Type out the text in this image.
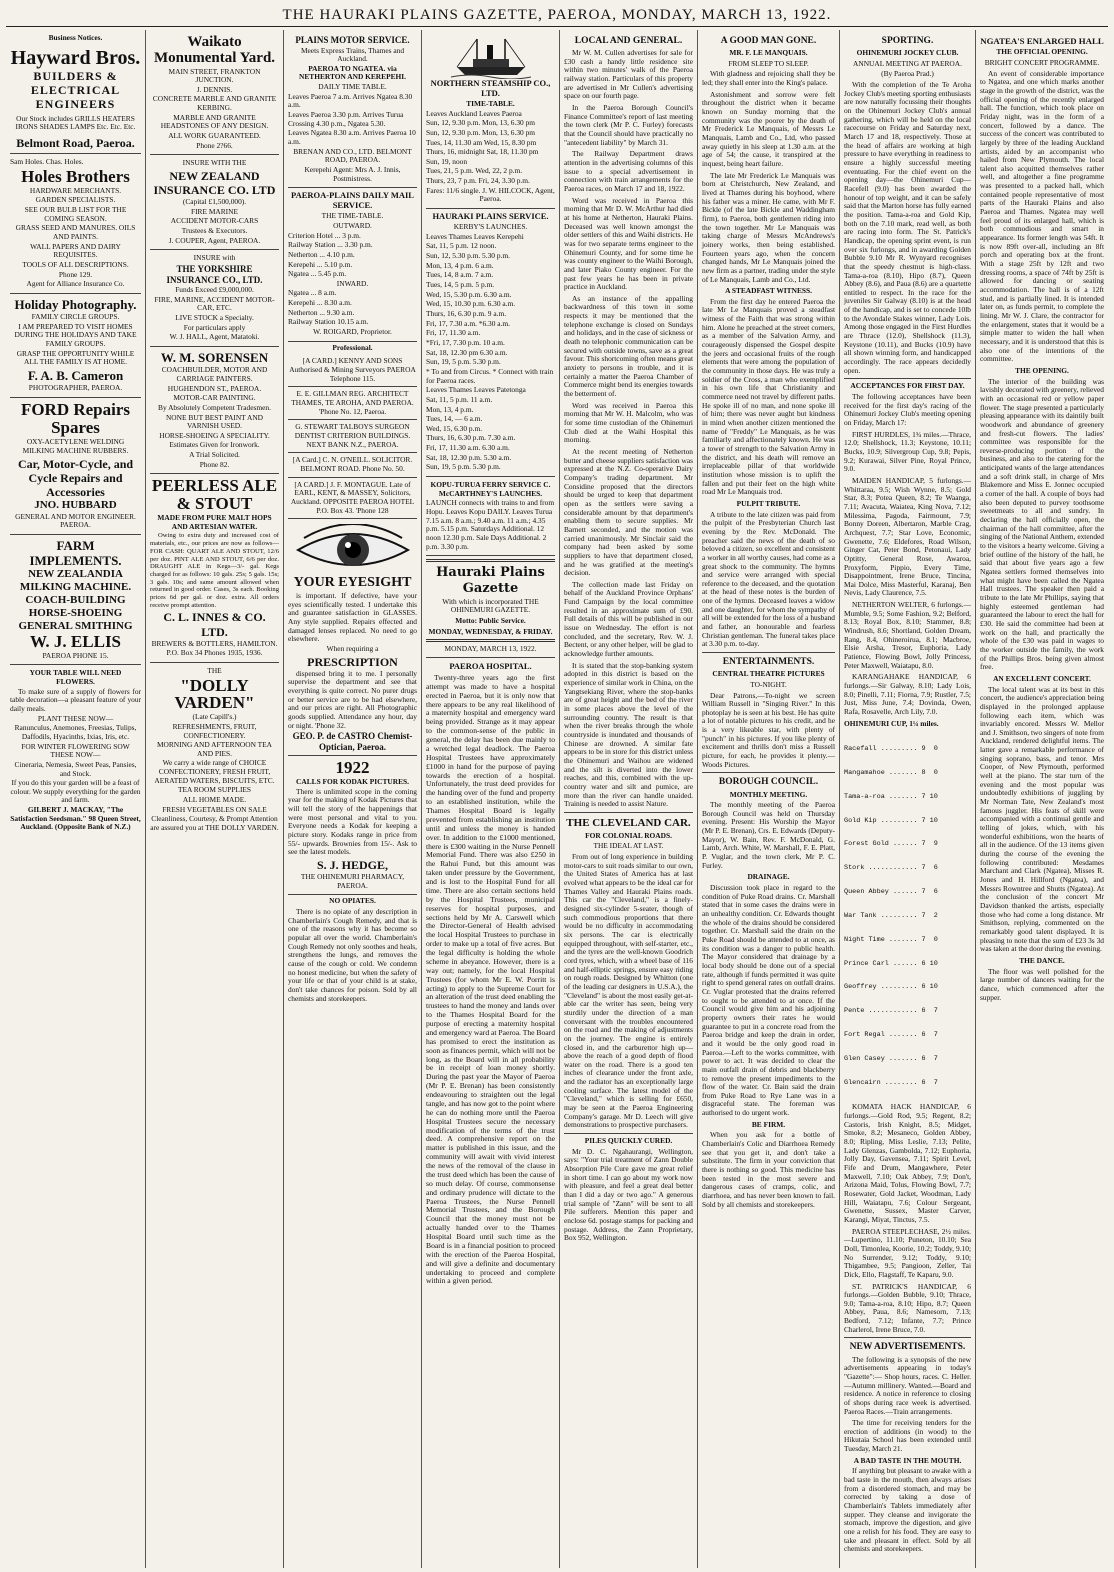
THE HAURAKI PLAINS GAZETTE, PAEROA, MONDAY, MARCH 13, 1922.
Business Notices.
Hayward Bros.
BUILDERS & ELECTRICAL ENGINEERS

Our Stock includes GRILLS HEATERS IRONS SHADES LAMPS Etc. Etc. Etc.

Belmont Road, Paeroa.

Sam Holes. Chas. Holes.

Holes Brothers

HARDWARE MERCHANTS.

GARDEN SPECIALISTS.

SEE OUR BULB LIST FOR THE COMING SEASON.

GRASS SEED AND MANURES. OILS AND PAINTS.

WALL PAPERS AND DAIRY REQUISITES.

TOOLS OF ALL DESCRIPTIONS.

Phone 129.

Agent for Alliance Insurance Co.

Holiday Photography.

FAMILY CIRCLE GROUPS.

I AM PREPARED TO VISIT HOMES DURING THE HOLIDAYS AND TAKE FAMILY GROUPS.

GRASP THE OPPORTUNITY WHILE ALL THE FAMILY IS AT HOME.

F. A. B. Cameron

PHOTOGRAPHER, PAEROA.

FORD Repairs Spares

OXY-ACETYLENE WELDING

MILKING MACHINE RUBBERS.

Car, Motor-Cycle, and Cycle Repairs and Accessories
JNO. HUBBARD

GENERAL AND MOTOR ENGINEER. PAEROA.

FARM IMPLEMENTS.
NEW ZEALANDIA MILKING MACHINE.
COACH-BUILDING HORSE-SHOEING GENERAL SMITHING
W. J. ELLIS

PAEROA PHONE 15.

YOUR TABLE WILL NEED FLOWERS.

To make sure of a supply of flowers for table decoration—a pleasant feature of your daily meals.

PLANT THESE NOW—

Ranunculus, Anemones, Freesias, Tulips, Daffodils, Hyacinths, Ixias, Iris, etc.

FOR WINTER FLOWERING SOW THESE NOW—

Cineraria, Nemesia, Sweet Peas, Pansies, and Stock.

If you do this your garden will be a feast of colour. We supply everything for the garden and farm.

GILBERT J. MACKAY, "The Satisfaction Seedsman." 98 Queen Street, Auckland. (Opposite Bank of N.Z.)

Waikato Monumental Yard.

MAIN STREET, FRANKTON JUNCTION.

J. DENNIS.

CONCRETE MARBLE AND GRANITE KERBING.

MARBLE AND GRANITE HEADSTONES OF ANY DESIGN.

ALL WORK GUARANTEED.

Phone 2?66.

INSURE WITH THE

NEW ZEALAND INSURANCE CO. LTD

(Capital £1,500,000).

FIRE MARINE

ACCIDENT MOTOR-CARS

Trustees & Executors.

J. COUPER, Agent, PAEROA.

INSURE with

THE YORKSHIRE INSURANCE CO., LTD.

Funds Exceed £9,000,000.

FIRE, MARINE, ACCIDENT MOTOR-CAR, ETC.

LIVE STOCK a Specialty.

For particulars apply

W. J. HALL, Agent, Matatoki.

W. M. SORENSEN

COACHBUILDER, MOTOR AND CARRIAGE PAINTERS.

HUGHENDON ST., PAEROA.

MOTOR-CAR PAINTING.

By Absolutely Competent Tradesmen.

NONE BUT BEST PAINT AND VARNISH USED.

HORSE-SHOEING A SPECIALITY.

Estimates Given for Ironwork.

A Trial Solicited.

Phone 82.

PEERLESS ALE & STOUT

MADE FROM PURE MALT HOPS AND ARTESIAN WATER.

Owing to extra duty and increased cost of materials, etc., our prices are now as follows—FOR CASH: QUART ALE AND STOUT, 12/6 per doz. PINT ALE AND STOUT, 6/6 per doz. DRAUGHT ALE in Kegs—3/- gal. Kegs charged for as follows: 10 gals. 25s; 5 gals. 15s; 3 gals. 10s; and same amount allowed when returned in good order. Cases, 3s each. Booking prices 6d per gal. or doz. extra. All orders receive prompt attention.

C. L. INNES & CO. LTD.

BREWERS & BOTTLERS, HAMILTON.

P.O. Box 34 Phones 1935, 1936.

THE

"DOLLY VARDEN"

(Late Capill's.)

REFRESHMENTS, FRUIT, CONFECTIONERY.

MORNING AND AFTERNOON TEA AND PIES.

We carry a wide range of CHOICE CONFECTIONERY, FRESH FRUIT, AERATED WATERS, BISCUITS, ETC.

TEA ROOM SUPPLIES

ALL HOME MADE.

FRESH VEGETABLES ON SALE

Cleanliness, Courtesy, & Prompt Attention are assured you at THE DOLLY VARDEN.

PLAINS MOTOR SERVICE.

Meets Express Trains, Thames and Auckland.

PAEROA TO NGATEA. via NETHERTON AND KEREPEHI.

DAILY TIME TABLE.

Leaves Paeroa 7 a.m. Arrives Ngatea 8.30 a.m.

Leaves Paeroa 3.30 p.m. Arrives Turua Crossing 4.30 p.m., Ngatea 5.30.

Leaves Ngatea 8.30 a.m. Arrives Paeroa 10 a.m.

BRENAN AND CO., LTD. BELMONT ROAD, PAEROA.

Kerepehi Agent: Mrs A. J. Innis, Postmistress.

PAEROA-PLAINS DAILY MAIL SERVICE.

THE TIME-TABLE.

OUTWARD.

Criterion Hotel ... 3 p.m.

Railway Station ... 3.30 p.m.

Netherton ... 4.10 p.m.

Kerepehi ... 5.10 p.m.

Ngatea ... 5.45 p.m.

INWARD.

Ngatea ... 8 a.m.

Kerepehi ... 8.30 a.m.

Netherton ... 9.30 a.m.

Railway Station 10.15 a.m.

W. ROIGARD, Proprietor.

Professional.
[A CARD.] KENNY AND SONS Authorised & Mining Surveyors PAEROA Telephone 115.
E. E. GILLMAN REG. ARCHITECT THAMES, TE AROHA, AND PAEROA. 'Phone No. 12, Paeroa.
G. STEWART TALBOYS SURGEON DENTIST CRITERION BUILDINGS. NEXT BANK N.Z., PAEROA.
[A Card.] C. N. O'NEILL. SOLICITOR. BELMONT ROAD. Phone No. 50.
[A CARD.] J. F. MONTAGUE. Late of EARL, KENT, & MASSEY, Solicitors, Auckland. OPPOSITE PAEROA HOTEL P.O. Box 43. 'Phone 128
YOUR EYESIGHT

is important. If defective, have your eyes scientifically tested. I undertake this and guarantee satisfaction in GLASSES. Any style supplied. Repairs effected and damaged lenses replaced. No need to go elsewhere.

When requiring a

PRESCRIPTION

dispensed bring it to me. I personally supervise the department and see that everything is quite correct. No purer drugs or better service are to be had elsewhere, and our prices are right. All Photographic goods supplied. Attendance any hour, day or night. 'Phone 32.

GEO. P. de CASTRO Chemist-Optician, Paeroa.
1922

CALLS FOR KODAK PICTURES.

There is unlimited scope in the coming year for the making of Kodak Pictures that will tell the story of the happenings that were most personal and vital to you. Everyone needs a Kodak for keeping a picture story. Kodaks range in price from 55/- upwards. Brownies from 15/-. Ask to see the latest models.

S. J. HEDGE,

THE OHINEMURI PHARMACY, PAEROA.

NO OPIATES.

There is no opiate of any description in Chamberlain's Cough Remedy, and that is one of the reasons why it has become so popular all over the world. Chamberlain's Cough Remedy not only soothes and heals, strengthens the lungs, and removes the cause of the cough or cold. We condemn no honest medicine, but when the safety of your life or that of your child is at stake, don't take chances for poison. Sold by all chemists and storekeepers.

NORTHERN STEAMSHIP CO., LTD.

TIME-TABLE.

Leaves Auckland Leaves Paeroa

Sun, 12, 9.30 p.m. Mon, 13, 6.30 pm

Sun, 12, 9.30 p.m. Mon, 13, 6.30 pm

Tues, 14, 11.30 am Wed, 15, 8.30 pm

Thurs, 16, midnight Sat, 18, 11.30 pm

Sun, 19, noon

Tues, 21, 5 p.m. Wed, 22, 2 p.m.

Thurs, 23, 7 p.m. Fri, 24, 3.30 p.m.

Fares: 11/6 single. J. W. HILCOCK, Agent, Paeroa.

HAURAKI PLAINS SERVICE.

KERBY'S LAUNCHES.

Leaves Thames Leaves Kerepehi

Sat, 11, 5 p.m. 12 noon.

Sun, 12, 5.30 p.m. 5.30 p.m.

Mon, 13, 4 p.m. 6 a.m.

Tues, 14, 8 a.m. 7 a.m.

Tues, 14, 5 p.m. 5 p.m.

Wed, 15, 5.30 p.m. 6.30 a.m.

Wed, 15, 10.30 p.m. 6.30 a.m.

Thurs, 16, 6.30 p.m. 9 a.m.

Fri, 17, 7.30 a.m. *6.30 a.m.

Fri, 17, 11.30 a.m.

*Fri, 17, 7.30 p.m. 10 a.m.

Sat, 18, 12.30 pm 6.30 a.m.

Sun, 19, 5 p.m. 5.30 p.m.

* To and from Circus. * Connect with train for Paeroa races.

Leaves Thames Leaves Patetonga

Sat, 11, 5 p.m. 11 a.m.

Mon, 13, 4 p.m.

Tues, 14, — 6 a.m.

Wed, 15, 6.30 p.m.

Thurs, 16, 6.30 p.m. 7.30 a.m.

Fri, 17, 11.30 a.m. 6.30 a.m.

Sat, 18, 12.30 p.m. 5.30 a.m.

Sun, 19, 5 p.m. 5.30 p.m.

KOPU-TURUA FERRY SERVICE C. McCARTHNEY'S LAUNCHES.

LAUNCH connects with trains to and from Hopu. Leaves Kopu DAILY. Leaves Turua 7.15 a.m. 8 a.m.; 9.40 a.m. 11 a.m.; 4.35 p.m. 5.15 p.m. Saturdays Additional. 12 noon 12.30 p.m. Sale Days Additional. 2 p.m. 3.30 p.m.

Hauraki Plains Gazette
With which is incorporated THE OHINEMURI GAZETTE.
Motto: Public Service.
MONDAY, WEDNESDAY, & FRIDAY.
MONDAY, MARCH 13, 1922.
PAEROA HOSPITAL.

Twenty-three years ago the first attempt was made to have a hospital erected in Paeroa, but it is only now that there appears to be any real likelihood of a maternity hospital and emergency ward being provided. Strange as it may appear to the common-sense of the public in general, the delay has been due mainly to a wretched legal deadlock. The Paeroa Hospital Trustees have approximately £1000 in hand for the purpose of paying towards the erection of a hospital. Unfortunately, the trust deed provides for the handing over of the fund and property to an established institution, while the Thames Hospital Board is legally prevented from establishing an institution until and unless the money is handed over. In addition to the £1000 mentioned, there is £300 waiting in the Nurse Pennell Memorial Fund. There was also £250 in the Rahui Fund, but this amount was taken under pressure by the Government, and is lost to the Hospital Fund for all time. There are also certain sections held by the Hospital Trustees, municipal reserves for hospital purposes, and sections held by Mr A. Carswell which the Director-General of Health advised the local Hospital Trustees to purchase in order to make up a total of five acres. But the legal difficulty is holding the whole scheme in abeyance. However, there is a way out; namely, for the local Hospital Trustees (for whom Mr E. W. Porritt is acting) to apply to the Supreme Court for an alteration of the trust deed enabling the trustees to hand the money and lands over to the Thames Hospital Board for the purpose of erecting a maternity hospital and emergency ward at Paeroa. The Board has promised to erect the institution as soon as finances permit, which will not be long, as the Board will in all probability be in receipt of loan money shortly. During the past year the Mayor of Paeroa (Mr P. E. Brenan) has been consistently endeavouring to straighten out the legal tangle, and has now got to the point where he can do nothing more until the Paeroa Hospital Trustees secure the necessary modification of the terms of the trust deed. A comprehensive report on the matter is published in this issue, and the community will await with vivid interest the news of the removal of the clause in the trust deed which has been the cause of so much delay. Of course, commonsense and ordinary prudence will dictate to the Paeroa Trustees, the Nurse Pennell Memorial Trustees, and the Borough Council that the money must not be actually handed over to the Thames Hospital Board until such time as the Board is in a financial position to proceed with the erection of the Paeroa Hospital, and will give a definite and documentary undertaking to proceed and complete within a given period.

LOCAL AND GENERAL.

Mr W. M. Cullen advertises for sale for £30 cash a handy little residence site within two minutes' walk of the Paeroa railway station. Particulars of this property are advertised in Mr Cullen's advertising space on our fourth page.

In the Paeroa Borough Council's Finance Committee's report of last meeting the town clerk (Mr P. C. Furley) forecasts that the Council should have practically no "antecedent liability" by March 31.

The Railway Department draws attention in the advertising columns of this issue to a special advertisement in connection with train arrangements for the Paeroa races, on March 17 and 18, 1922.

Word was received in Paeroa this morning that Mr D. W. McArthur had died at his home at Netherton, Hauraki Plains. Deceased was well known amongst the older settlers of this and Waihi districts. He was for two separate terms engineer to the Ohinemuri County, and for some time he was county engineer to the Waihi Borough, and later Piako County engineer. For the past few years he has been in private practice in Auckland.

As an instance of the appalling backwardness of this town in some respects it may be mentioned that the telephone exchange is closed on Sundays and holidays, and in the case of sickness or death no telephonic communication can be secured with outside towns, save as a great favour. This shortcoming often means great anxiety to persons in trouble, and it is certainly a matter the Paeroa Chamber of Commerce might bend its energies towards the betterment of.

Word was received in Paeroa this morning that Mr W. H. Malcolm, who was for some time custodian of the Ohinemuri Club died at the Waihi Hospital this morning.

At the recent meeting of Netherton butter and cheese suppliers satisfaction was expressed at the N.Z. Co-operative Dairy Company's trading department. Mr Considine proposed that the directors should be urged to keep that department open as the settlers were saving a considerable amount by that department's enabling them to secure supplies. Mr Barnett seconded, and the motion was carried unanimously. Mr Sinclair said the company had been asked by some suppliers to have that department closed, and he was gratified at the meeting's decision.

The collection made last Friday on behalf of the Auckland Province Orphans' Fund Campaign by the local committee resulted in an approximate sum of £90. Full details of this will be published in our issue on Wednesday. The effort is not concluded, and the secretary, Rev. W. J. Bectent, or any other helper, will be glad to acknowledge further amounts.

It is stated that the stop-banking system adopted in this district is based on the experience of similar work in China, on the Yangtsekiang River, where the stop-banks are of great height and the bed of the river in some places above the level of the surrounding country. The result is that when the river breaks through the whole countryside is inundated and thousands of Chinese are drowned. A similar fate appears to be in store for this district unless the Ohinemuri and Waihou are widened and the silt is diverted into the lower reaches, and this, combined with the up-country water and silt and pumice, are more than the river can handle unaided. Training is needed to assist Nature.

THE CLEVELAND CAR.
FOR COLONIAL ROADS.
THE IDEAL AT LAST.

From out of long experience in building motor-cars to suit roads similar to our own, the United States of America has at last evolved what appears to be the ideal car for Thames Valley and Hauraki Plains roads. This car the "Cleveland," is a finely-designed six-cylinder 5-seater, though of such commodious proportions that there would be no difficulty in accommodating six persons. The car is electrically equipped throughout, with self-starter, etc., and the tyres are the well-known Goodrich cord tyres, which, with a wheel base of 116 and half-elliptic springs, ensure easy riding on rough roads. Designed by Whitton (one of the leading car designers in U.S.A.), the "Cleveland" is about the most easily get-at-able car the writer has seen, being very sturdily under the direction of a man conversant with the troubles encountered on the road and the making of adjustments on the journey. The engine is entirely closed in, and the carburettor high up—above the reach of a good depth of flood water on the road. There is a good ten inches of clearance under the front axle, and the radiator has an exceptionally large cooling surface. The latest model of the "Cleveland," which is selling for £650, may be seen at the Paeroa Engineering Company's garage. Mr D. Leech will give demonstrations to prospective purchasers.

PILES QUICKLY CURED.

Mr D. C. Ngahaurangi, Wellington, says: "Your trial treatment of Zann Double Absorption Pile Cure gave me great relief in short time. I can go about my work now with pleasure, and feel a great deal better than I did a day or two ago." A generous trial sample of "Zann" will be sent to all Pile sufferers. Mention this paper and enclose 6d. postage stamps for packing and postage. Address, the Zann Proprietary, Box 952, Wellington.

A GOOD MAN GONE.
MR. F. LE MANQUAIS.
FROM SLEEP TO SLEEP.

With gladness and rejoicing shall they be led; they shall enter into the King's palace.

Astonishment and sorrow were felt throughout the district when it became known on Sunday morning that the community was the poorer by the death of Mr Frederick Le Manquais, of Messrs Le Manquais, Lamb and Co., Ltd, who passed away quietly in his sleep at 1.30 a.m. at the age of 54; the cause, it transpired at the inquest, being heart failure.

The late Mr Frederick Le Manquais was born at Christchurch, New Zealand, and lived at Thames during his boyhood, where his father was a miner. He came, with Mr F. Bickle (of the late Bickle and Waddingham firm), to Paeroa, both gentlemen riding into the town together. Mr Le Manquais was taking charge of Messrs McAndrews's joinery works, then being established. Fourteen years ago, when the concern changed hands, Mr Le Manquais joined the new firm as a partner, trading under the style of Le Manquais, Lamb and Co., Ltd.

A STEADFAST WITNESS.

From the first day he entered Paeroa the late Mr Le Manquais proved a steadfast witness of the Faith that was strong within him. Alone he preached at the street corners, as a member of the Salvation Army, and courageously dispensed the Gospel despite the jeers and occasional fruits of the rough elements that were among the population of the community in those days. He was truly a soldier of the Cross, a man who exemplified in his own life that Christianity and commerce need not travel by different paths. He spoke ill of no man, and none spoke ill of him; there was never aught but kindness in mind when another citizen mentioned the name of "Freddy" Le Manquais, as he was familiarly and affectionately known. He was a tower of strength to the Salvation Army in the district, and his death will remove an irreplaceable pillar of that worldwide institution whose mission is to uplift the fallen and put their feet on the high white road Mr Le Manquais trod.

PULPIT TRIBUTE.

A tribute to the late citizen was paid from the pulpit of the Presbyterian Church last evening by the Rev. McDonald. The preacher said the news of the death of so beloved a citizen, so excellent and consistent a worker in all worthy causes, had come as a great shock to the community. The hymns and service were arranged with special reference to the deceased, and the quotation at the head of these notes is the burden of one of the hymns. Deceased leaves a widow and one daughter, for whom the sympathy of all will be extended for the loss of a husband and father, an honourable and fearless Christian gentleman. The funeral takes place at 3.30 p.m. to-day.

ENTERTAINMENTS.
CENTRAL THEATRE PICTURES
TO-NIGHT.

Dear Patrons,—To-night we screen William Russell in "Singing River." In this photoplay he is seen at his best. He has quite a lot of notable pictures to his credit, and he is a very likeable star, with plenty of "punch" in his pictures. If you like plenty of excitement and thrills don't miss a Russell picture, for each, he provides it plenty.—Woods Pictures.

BOROUGH COUNCIL.
MONTHLY MEETING.

The monthly meeting of the Paeroa Borough Council was held on Thursday evening. Present: His Worship the Mayor (Mr P. E. Brenan), Crs. E. Edwards (Deputy-Mayor), W. Bain, Rev. F. McDonald, G. Lamb, Arch. White, W. Marshall, F. E. Platt, P. Vuglar, and the town clerk, Mr P. C. Furley.

DRAINAGE.

Discussion took place in regard to the condition of Puke Road drains. Cr. Marshall stated that in some cases the drains were in an unhealthy condition. Cr. Edwards thought the whole of the drains should be considered together. Cr. Marshall said the drain on the Puke Road should be attended to at once, as its condition was a danger to public health. The Mayor considered that drainage by a local body should be done out of a special rate, although if funds permitted it was quite right to spend general rates on outfall drains. Cr. Vuglar protested that the drains referred to ought to be attended to at once. If the Council would give him and his adjoining property owners their rates he would guarantee to put in a concrete road from the Paeroa bridge and keep the drain in order, and it would be the only good road in Paeroa.—Left to the works committee, with power to act. It was decided to clear the main outfall drain of debris and blackberry to remove the present impediments to the flow of the water. Cr. Bain said the drain from Puke Road to Rye Lane was in a disgraceful state. The foreman was authorised to do urgent work.

BE FIRM.

When you ask for a bottle of Chamberlain's Colic and Diarrhoea Remedy see that you get it, and don't take a substitute. The firm in your conviction that there is nothing so good. This medicine has been tested in the most severe and dangerous cases of cramps, colic, and diarrhoea, and has never been known to fail. Sold by all chemists and storekeepers.

SPORTING.
OHINEMURI JOCKEY CLUB.
ANNUAL MEETING AT PAEROA.
(By Paeroa Prad.)

With the completion of the Te Aroha Jockey Club's meeting sporting enthusiasts are now naturally focussing their thoughts on the Ohinemuri Jockey Club's annual gathering, which will be held on the local racecourse on Friday and Saturday next, March 17 and 18, respectively. Those at the head of affairs are working at high pressure to have everything in readiness to ensure a highly successful meeting eventuating. For the chief event on the opening day—the Ohinemuri Cup—Racefell (9.0) has been awarded the honour of top weight, and it can be safely said that the Marton horse has fully earned the position. Tama-a-roa and Gold Kip, both on the 7.10 mark, read well, as both are racing into form. The St. Patrick's Handicap, the opening sprint event, is run over six furlongs, and in awarding Golden Bubble 9.10 Mr R. Wynyard recognises that the speedy chestnut is high-class. Tama-a-roa (8.10), Hipo (8.7), Queen Abbey (8.6), and Paua (8.6) are a quartette entitled to respect. In the race for the juveniles Sir Galway (8.10) is at the head of the handicap, and is set to concede 10lb to the Avondale Stakes winner, Lady Lois. Among those engaged in the First Hurdles are Thrace (12.0), Shellshock (11.3), Keystone (10.11), and Bucks (10.9) have all shown winning form, and handicapped accordingly. The race appears decidedly open.

ACCEPTANCES FOR FIRST DAY.

The following acceptances have been received for the first day's racing of the Ohinemuri Jockey Club's meeting opening on Friday, March 17:

FIRST HURDLES, 1¾ miles.—Thrace, 12.0; Shellshock, 11.3; Keystone, 10.11; Bucks, 10.9; Silvergroup Cup, 9.8; Pepis, 9.2; Kurawai, Silver Pine, Royal Prince, 9.0.

MAIDEN HANDICAP, 5 furlongs.—Whittaraa, 9.5; Wish Wynne, 8.5; Gold Star, 8.3; Potea Queen, 8.2; Te Waanga, 7.11; Avacuta, Waiatea, King Nova, 7.12; Milessima, Pagoda, Fairmount, 7.9; Bonny Doreen, Albertaron, Marble Crag, Archquest, 7.7; Star Love, Economic, Gwenette, 7.6; Eldefores, Road Wilson, Ginger Cat, Peter Bond, Petonaui, Lady Optitty, General Rose, Awaroa, Proxyform, Pippio, Every Time, Disappointment, Irene Bruce, Tincina, Mai Dolce, Miss Masterful, Karanaj, Ben Nevis, Lady Claurence, 7.5.

NETHERTON WELTER, 6 furlongs.—Mumble, 9.5; Some Fashion, 9.2; Belford, 8.13; Royal Box, 8.10; Stammer, 8.8; Windrush, 8.6; Shortland, Golden Dream, Rang, 8.4, Ohineroirua, 8.1; Macbroe, Elsie Arsha, Tresor, Euphoria, Lady Patience, Flowing Bowl, Jolly Princess, Peter Maxwell, Waiatapu, 8.0.

KARANGAHAKE HANDICAP, 6 furlongs.—Sir Galway, 8.10; Lady Lois, 8.0; Pinelli, 7.11; Fiorna, 7.9; Rustler, 7.5; Just, Miss June, 7.4; Dovinda, Owen, Rafa, Rosavelle, Arch Lily, 7.0.

OHINEMURI CUP, 1¼ miles.

Racefall ......... 9  0

Mangamahoe ....... 8  0

Tama-a-roa ....... 7 10

Gold Kip ......... 7 10

Forest Gold ...... 7  9

Stork ............ 7  6

Queen Abbey ...... 7  6

War Tank ......... 7  2

Night Time ....... 7  0

Prince Carl ...... 6 10

Geoffrey ......... 6 10

Pente ............ 6  7

Fort Regal ....... 6  7

Glen Casey ....... 6  7

Glencairn ........ 6  7

KOMATA HACK HANDICAP, 6 furlongs.—Gold Rod, 9.5; Regent, 8.2; Castoris, Irish Knight, 8.5; Midget, Smoke, 8.2; Mesaneco, Golden Abbey, 8.0; Ripling, Miss Leslie, 7.13; Pelite, Lady Glenzas, Gambolda, 7.12; Euphoria, Jolly Day, Gavensea, 7.11; Spirit Level, Fife and Drum, Mangawhere, Peter Maxwell, 7.10; Oak Abbey, 7.9; Don't, Arizona Maid, Tolus, Flowing Bowl, 7.7; Rosewater, Gold Jacket, Woodman, Lady Hill, Waiatapu, 7.6; Colour Sergeant, Gwenette, Sussex, Master Carver, Karangi, Miyat, Tinctus, 7.5.

PAEROA STEEPLECHASE, 2½ miles.—Lupertino, 11.10; Puneton, 10.10; Sea Doll, Timonlea, Koorie, 10.2; Toddy, 9.10; No Surrender, 9.12; Toddy, 9.10; Thigambee, 9.5; Pangioon, Zeller, Tai Dick, Ello, Flagstaff, Te Kaparu, 9.0.

ST. PATRICK'S HANDICAP, 6 furlongs.—Golden Bubble, 9.10; Thrace, 9.0; Tama-a-roa, 8.10; Hipo, 8.7; Queen Abbey, Paua, 8.6; Namesorn, 7.13; Bedford, 7.12; Infante, 7.7; Prince Charlerol, Irene Bruce, 7.0.

NEW ADVERTISEMENTS.

The following is a synopsis of the new advertisements appearing in today's "Gazette":— Shop hours, races. C. Heller.—Autumn millinery. Wanted.—Board and residence. A notice in reference to closing of shops during race week is advertised. Paeroa Races.—Train arrangements.

The time for receiving tenders for the erection of additions (in wood) to the Hikutaia School has been extended until Tuesday, March 21.

A BAD TASTE IN THE MOUTH.

If anything but pleasant to awake with a bad taste in the mouth, then always arises from a disordered stomach, and may be corrected by taking a dose of Chamberlain's Tablets immediately after supper. They cleanse and invigorate the stomach, improve the digestion, and give one a relish for his food. They are easy to take and pleasant in effect. Sold by all chemists and storekeepers.

NGATEA'S ENLARGED HALL
THE OFFICIAL OPENING.
BRIGHT CONCERT PROGRAMME.

An event of considerable importance to Ngatea, and one which marks another stage in the growth of the district, was the official opening of the recently enlarged hall. The function, which took place on Friday night, was in the form of a concert, followed by a dance. The success of the concert was contributed to largely by three of the leading Auckland artists, aided by an accompanist who hailed from New Plymouth. The local talent also acquitted themselves rather well, and altogether a fine programme was presented to a packed hall, which contained people representative of most parts of the Hauraki Plains and also Paeroa and Thames. Ngatea may well feel proud of its enlarged hall, which is both commodious and smart in appearance. Its former length was 54ft. It is now 89ft over-all, including an 8ft porch and operating box at the front. With a stage 25ft by 12ft and two dressing rooms, a space of 74ft by 25ft is allowed for dancing or seating accommodation. The hall is of a 12ft stud, and is partially lined. It is intended later on, as funds permit, to complete the lining. Mr W. J. Clare, the contractor for the enlargement, states that it would be a simple matter to widen the hall when necessary, and it is understood that this is also one of the intentions of the committee.

THE OPENING.

The interior of the building was lavishly decorated with greenery, relieved with an occasional red or yellow paper flower. The stage presented a particularly pleasing appearance with its daintily built woodwork and abundance of greenery and fresh-cut flowers. The ladies' committee was responsible for the reverse-producing portion of the business, and also to the catering for the anticipated wants of the large attendances and a soft drink stall, in charge of Mrs Blakemore and Miss E. Jonnec occupied a corner of the hall. A couple of boys had also been deputed to purvey toothsome sweetmeats to all and sundry. In declaring the hall officially open, the chairman of the hall committee, after the singing of the National Anthem, extended to the visitors a hearty welcome. Giving a brief outline of the history of the hall, he said that about five years ago a few Ngatea settlers formed themselves into what might have been called the Ngatea Hall trustees. The speaker then paid a tribute to the late Mr Phillips, saying that highly esteemed gentleman had guaranteed the labour to erect the hall for £30. He said the committee had been at work on the hall, and practically the whole of the £30 was paid in wages to the worker outside the family, the work of the Phillips Bros. being given almost free.

AN EXCELLENT CONCERT.

The local talent was at its best in this concert, the audience's appreciation being displayed in the prolonged applause following each item, which was invariably encored. Messrs W. Mellor and J. Smithson, two singers of note from Auckland, rendered delightful items. The latter gave a remarkable performance of singing soprano, bass, and tenor. Mrs Cooper, of New Plymouth, performed well at the piano. The star turn of the evening and the most popular was undoubtedly exhibitions of juggling by Mr Norman Tate, New Zealand's most famous juggler. His feats of skill were accompanied with a continual gentle and telling of jokes, which, with his wonderful exhibitions, won the hearts of all in the audience. Of the 13 items given during the course of the evening the following contributed: Mesdames Marchant and Clark (Ngatea), Misses R. Jones and H. Hillford (Ngatea), and Messrs Rowntree and Shutts (Ngatea). At the conclusion of the concert Mr Davidson thanked the artists, especially those who had come a long distance. Mr Smithson, replying, commented on the remarkably good talent displayed. It is pleasing to note that the sum of £23 3s 3d was taken at the door during the evening.

THE DANCE.

The floor was well polished for the large number of dancers waiting for the dance, which commenced after the supper.
